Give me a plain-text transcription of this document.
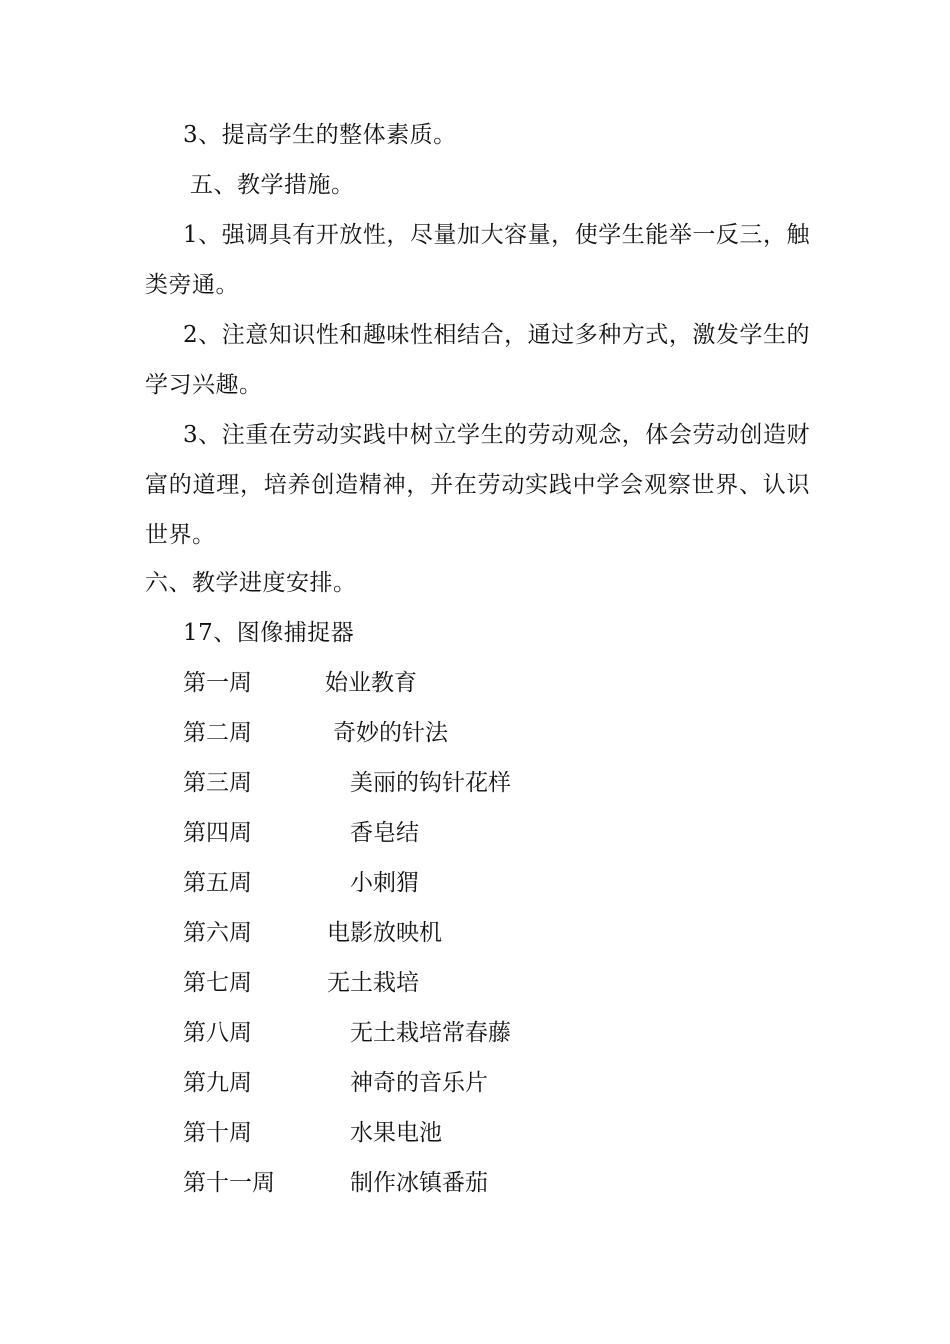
3、提高学生的整体素质。
五、教学措施。
1、强调具有开放性，尽量加大容量，使学生能举一反三，触类旁通。
2、注意知识性和趣味性相结合，通过多种方式，激发学生的学习兴趣。
3、注重在劳动实践中树立学生的劳动观念，体会劳动创造财富的道理，培养创造精神，并在劳动实践中学会观察世界、认识世界。
六、教学进度安排。
17、图像捕捉器
第一周	始业教育
第二周	奇妙的针法
第三周	美丽的钩针花样
第四周	香皂结
第五周	小刺猬
第六周	电影放映机
第七周	无土栽培
第八周	无土栽培常春藤
第九周	神奇的音乐片
第十周	水果电池
第十一周	制作冰镇番茄
